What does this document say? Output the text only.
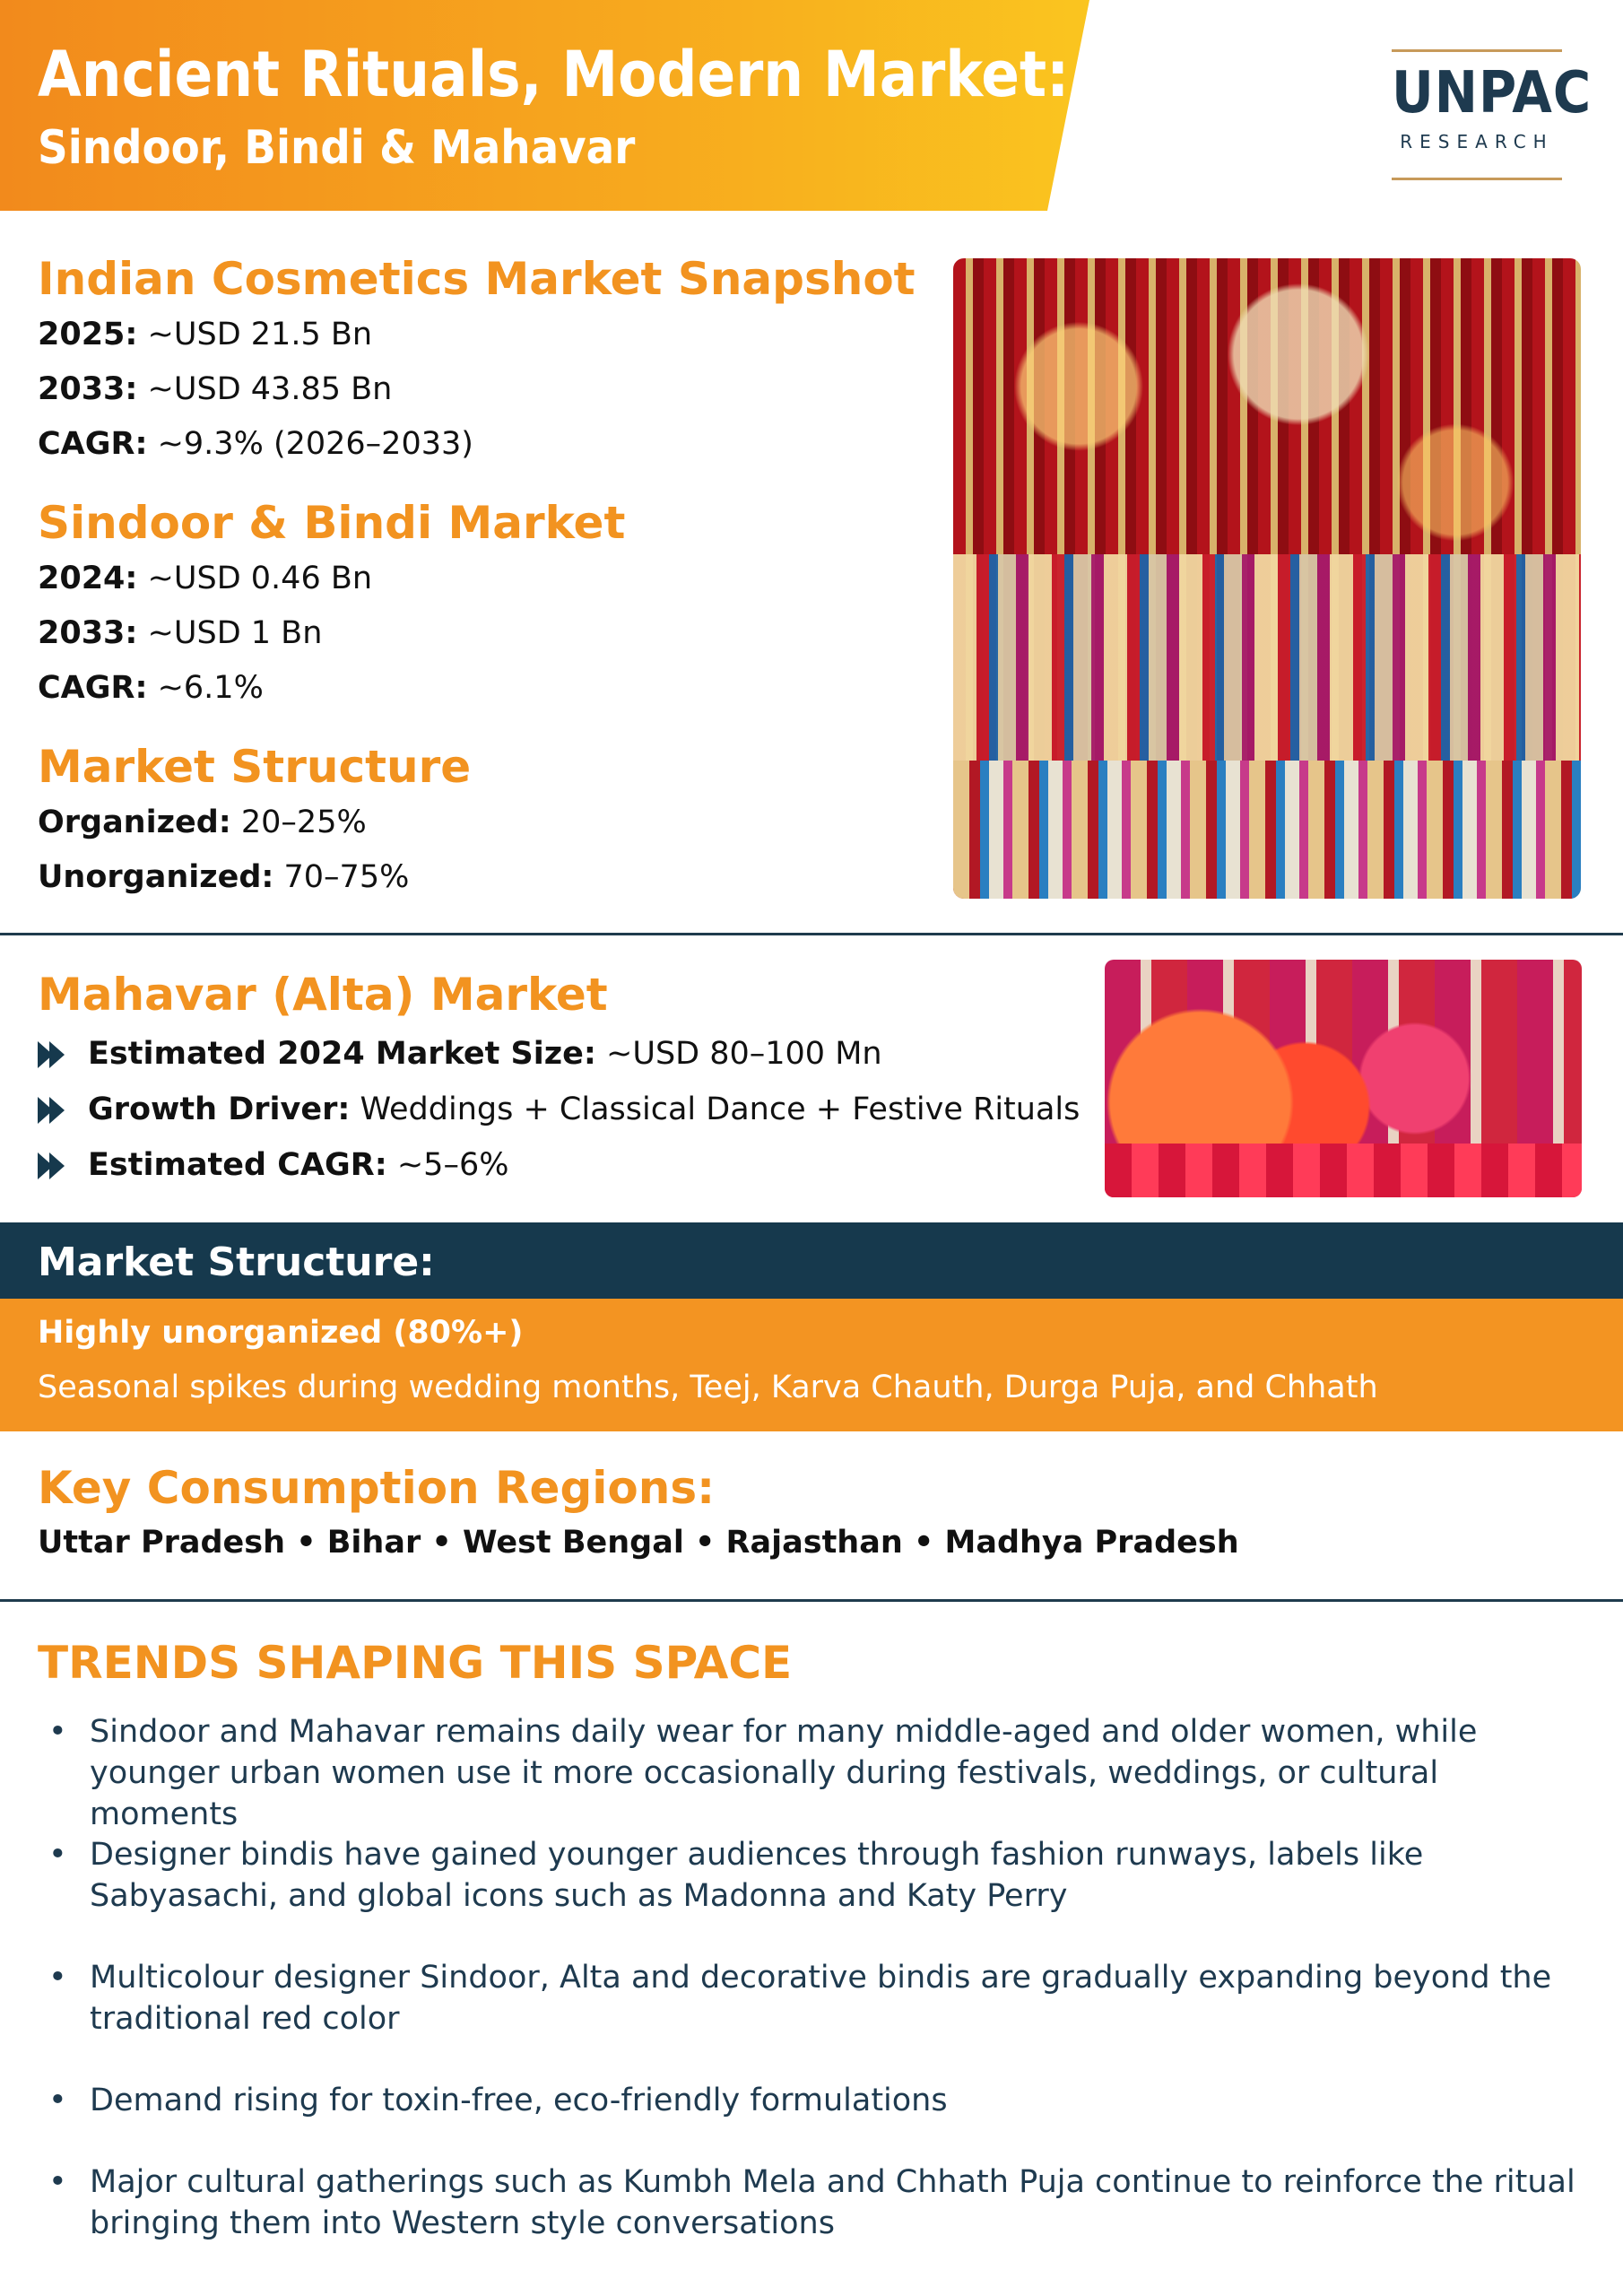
Ancient Rituals, Modern Market:
Sindoor, Bindi & Mahavar
UNPAC
RESEARCH
Indian Cosmetics Market Snapshot
2025: ~USD 21.5 Bn
2033: ~USD 43.85 Bn
CAGR: ~9.3% (2026–2033)
Sindoor & Bindi Market
2024: ~USD 0.46 Bn
2033: ~USD 1 Bn
CAGR: ~6.1%
Market Structure
Organized: 20–25%
Unorganized: 70–75%
Mahavar (Alta) Market
Estimated 2024 Market Size: ~USD 80–100 Mn
Growth Driver: Weddings + Classical Dance + Festive Rituals
Estimated CAGR: ~5–6%
Market Structure:
Highly unorganized (80%+)
Seasonal spikes during wedding months, Teej, Karva Chauth, Durga Puja, and Chhath
Key Consumption Regions:
Uttar Pradesh • Bihar • West Bengal • Rajasthan • Madhya Pradesh
TRENDS SHAPING THIS SPACE
• Sindoor and Mahavar remains daily wear for many middle-aged and older women, while younger urban women use it more occasionally during festivals, weddings, or cultural moments
• Designer bindis have gained younger audiences through fashion runways, labels like Sabyasachi, and global icons such as Madonna and Katy Perry
• Multicolour designer Sindoor, Alta and decorative bindis are gradually expanding beyond the traditional red color
• Demand rising for toxin-free, eco-friendly formulations
• Major cultural gatherings such as Kumbh Mela and Chhath Puja continue to reinforce the ritual bringing them into Western style conversations
